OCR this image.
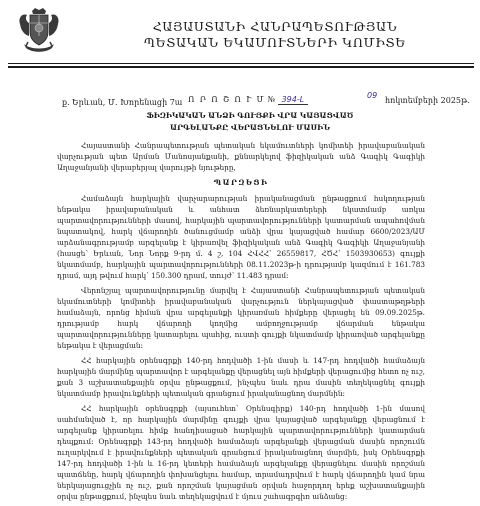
ՀԱՅԱՍՏԱՆԻ ՀԱՆՐԱՊԵՏՈՒԹՅԱՆ
ՊԵՏԱԿԱՆ ԵԿԱՄՈՒՏՆԵՐԻ ԿՈՄԻՏԵ
ք. Երևան, Մ. Խորենացի 7ա Ո Ր Ո Շ Ո Ւ Մ № 394-Լ	09
հոկտեմբերի 2025թ.
ՖԻԶԻԿԱԿԱՆ ԱՆՁԻ ԳՈՒՅՔԻ ՎՐԱ ԿԱՅԱՑՎԱԾ
ԱՐԳԵԼԱՆՔԸ ՎԵՐԱՑՆԵԼՈՒ ՄԱՍԻՆ

Հայաստանի Հանրապետության պետական եկամուտների կոմիտեի իրավաբանական վարչության պետ Արման Մանոսյանքանի, քննարկելով ֆիզիկական անձ Գագիկ Գագիկի Աղաջանյանի վերաբերյալ վարույթի նյութերը,

ՊԱՐԶԵՑԻ

Համաձայն հարկային վարչարարության իրականացման ընթացքում հսկողության ենթակա իրավաբանական և անհատ ձեռնարկատերերի նկատմամբ առկա պարտավորությունների մասով, հարկային պարտավորությունների կատարման ապահովման նպատակով, հարկ վճարողին ծանուցմամբ անձի վրա կայացված համար 6600/2023/ԱՄ արձանագրությամբ արգելանք է կիրառվել ֆիզիկական անձ Գագիկ Գագիկի Աղաջանյանի (հասցե՝ Երևան, Նոր Նորք 9-րդ մ. 4 շ, 104 ՀՎՀՀ՝ 26559817, ՀԾՀ՝ 1503930653) գույքի նկատմամբ, հարկային պարտավորությունների 08.11.2023թ-ի դրությամբ կազմում է 161.783 դրամ, այդ թվում հարկ՝ 150.300 դրամ, տույժ՝ 11.483 դրամ:

Վերոնշյալ պարտավորությունը մարվել է Հայաստանի Հանրապետության պետական եկամուտների կոմիտեի իրավաբանական վարչություն ներկայացված փաստաթղթերի համաձայն, որոնց հիման վրա արգելանքի կիրառման հիմքերը վերացել են 09.09.2025թ. դրությամբ հարկ վճարողի կողմից ամբողջությամբ վճարման ենթակա պարտավորությունները կատարելու պահից, ուստի գույքի նկատմամբ կիրառված արգելանքը ենթակա է վերացման:

ՀՀ հարկային օրենսգրքի 140-րդ հոդվածի 1-ին մասի և 147-րդ հոդվածի համաձայն հարկային մարմինը պարտավոր է արգելանքը վերացնել այն հիմքերի վերացումից հետո ոչ ուշ, քան 3 աշխատանքային օրվա ընթացքում, ինչպես նաև դրա մասին տեղեկացնել գույքի նկատմամբ իրավունքների պետական գրանցում իրականացնող մարմնին:

ՀՀ հարկային օրենսգրքի (այսուհետ՝ Օրենսգիրք) 140-րդ հոդվածի 1-ին մասով սահմանված է, որ հարկային մարմինը գույքի վրա կայացված արգելանքը վերացնում է արգելանք կիրառելու հիմք հանդիսացած հարկային պարտավորությունների կատարման դեպքում: Օրենսգրքի 143-րդ հոդվածի համաձայն արգելանքի վերացման մասին որոշումն ուղարկվում է իրավունքների պետական գրանցում իրականացնող մարմին, իսկ Օրենսգրքի 147-րդ հոդվածի 1-ին և 16-րդ կետերի համաձայն արգելանքը վերացնելու մասին որոշման պատճենը, հարկ վճարողին փոխանցելու համար, տրամադրվում է հարկ վճարողին կամ նրա ներկայացուցչին ոչ ուշ, քան որոշման կայացման օրվան հաջորդող երեք աշխատանքային օրվա ընթացքում, ինչպես նաև տեղեկացվում է մյուս շահագրգիռ անձանց:
